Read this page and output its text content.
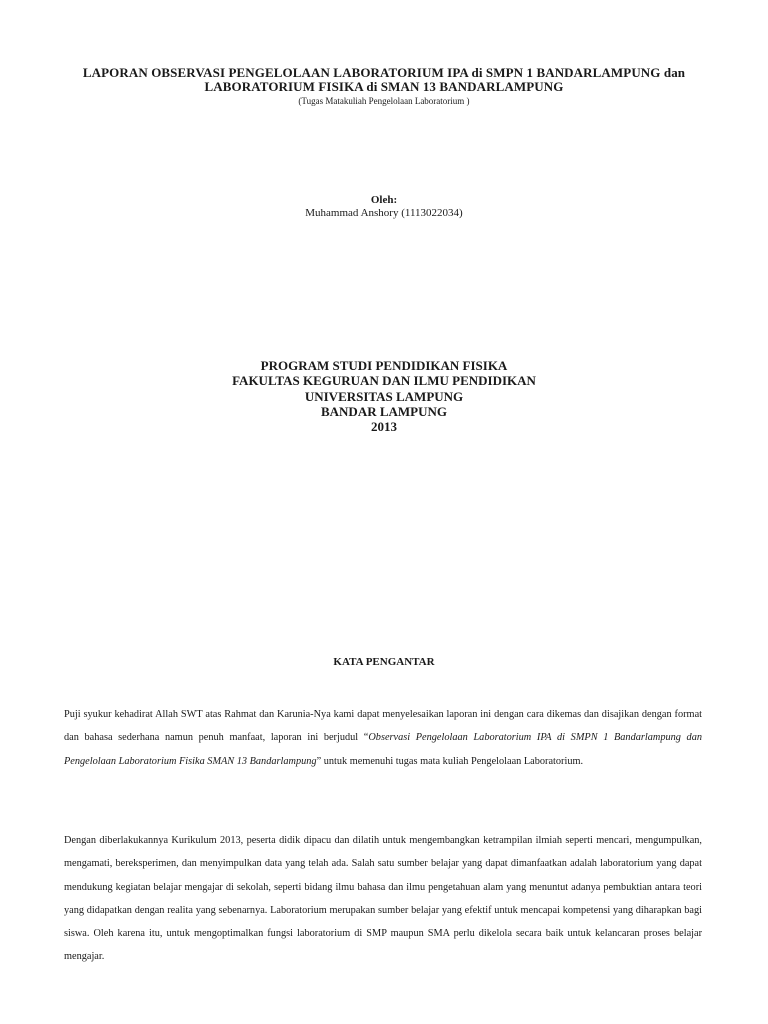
LAPORAN OBSERVASI PENGELOLAAN LABORATORIUM IPA di SMPN 1 BANDARLAMPUNG dan
LABORATORIUM FISIKA di SMAN 13 BANDARLAMPUNG
(Tugas Matakuliah Pengelolaan Laboratorium )
Oleh:
Muhammad Anshory (1113022034)
PROGRAM STUDI PENDIDIKAN FISIKA
FAKULTAS KEGURUAN DAN ILMU PENDIDIKAN
UNIVERSITAS LAMPUNG
BANDAR LAMPUNG
2013
KATA PENGANTAR

Puji syukur kehadirat Allah SWT atas Rahmat dan Karunia-Nya kami dapat menyelesaikan laporan ini dengan cara dikemas dan disajikan dengan format dan bahasa sederhana namun penuh manfaat, laporan ini berjudul “Observasi Pengelolaan Laboratorium IPA di SMPN 1 Bandarlampung dan Pengelolaan Laboratorium Fisika SMAN 13 Bandarlampung” untuk memenuhi tugas mata kuliah Pengelolaan Laboratorium.

Dengan diberlakukannya Kurikulum 2013, peserta didik dipacu dan dilatih untuk mengembangkan ketrampilan ilmiah seperti mencari, mengumpulkan, mengamati, bereksperimen, dan menyimpulkan data yang telah ada. Salah satu sumber belajar yang dapat dimanfaatkan adalah laboratorium yang dapat mendukung kegiatan belajar mengajar di sekolah, seperti bidang ilmu bahasa dan ilmu pengetahuan alam yang menuntut adanya pembuktian antara teori yang didapatkan dengan realita yang sebenarnya. Laboratorium merupakan sumber belajar yang efektif untuk mencapai kompetensi yang diharapkan bagi siswa. Oleh karena itu, untuk mengoptimalkan fungsi laboratorium di SMP maupun SMA perlu dikelola secara baik untuk kelancaran proses belajar mengajar.
